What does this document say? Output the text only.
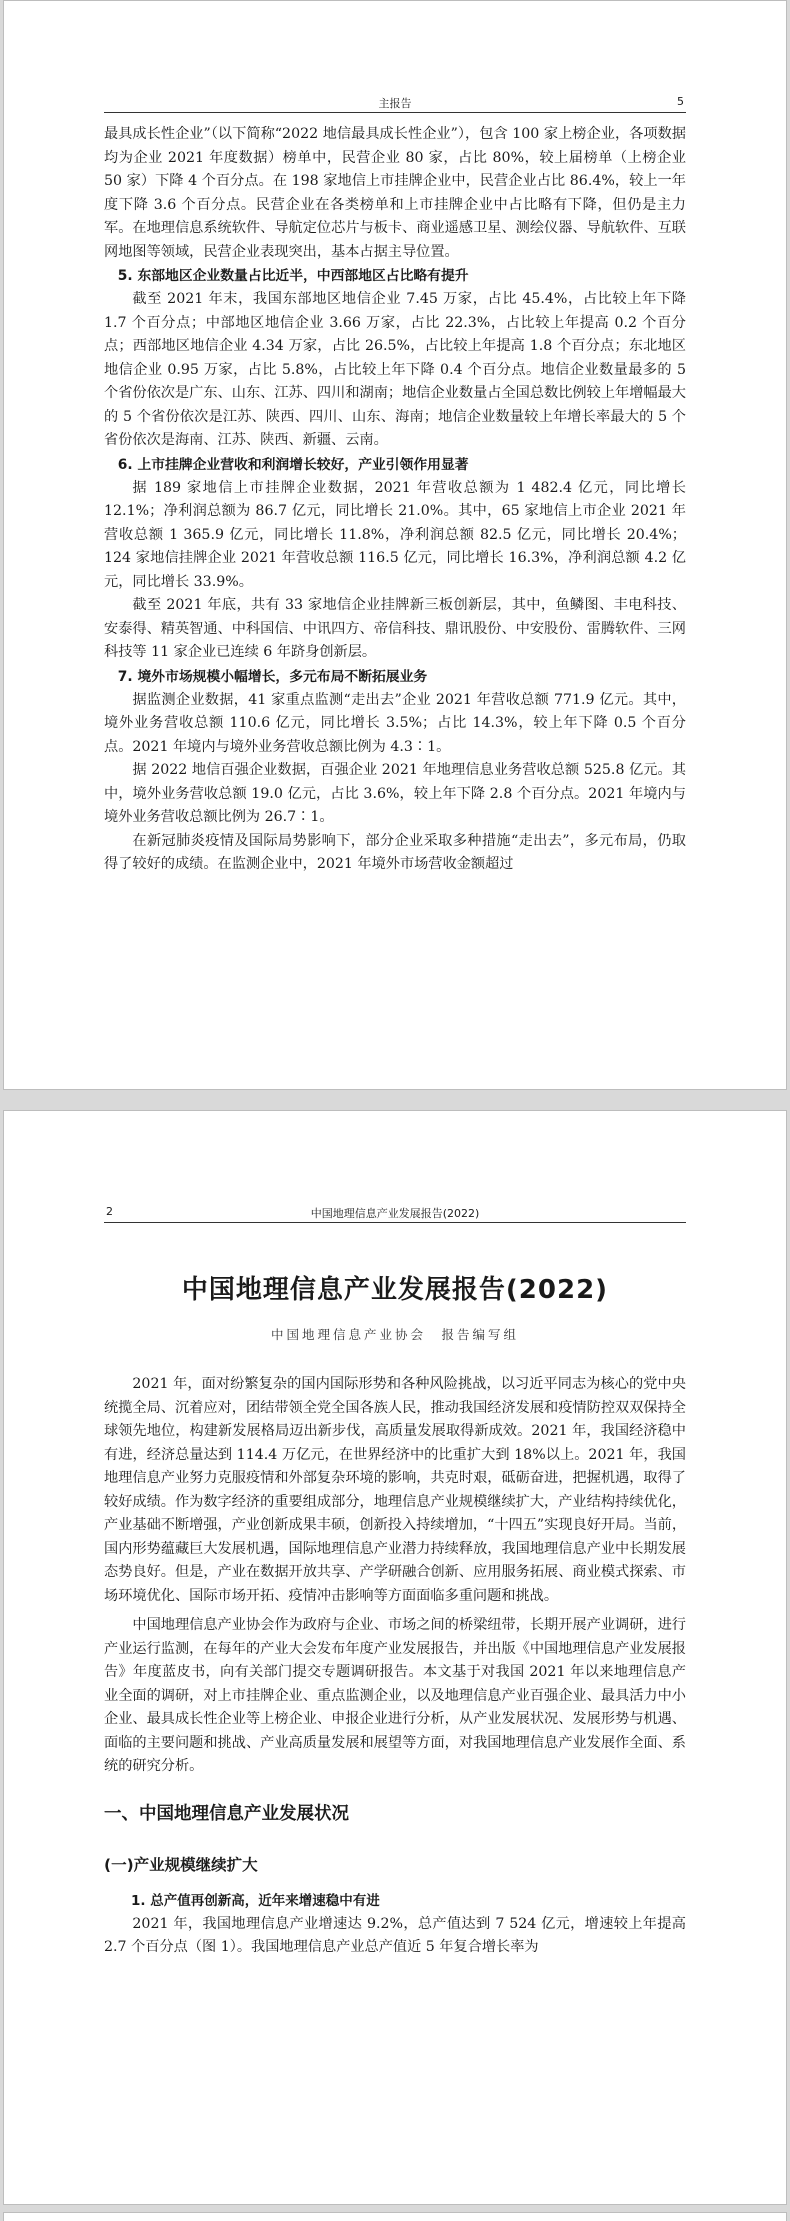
主报告	5

最具成长性企业”（以下简称“2022 地信最具成长性企业”），包含 100 家上榜企业，各项数据均为企业 2021 年度数据）榜单中，民营企业 80 家，占比 80%，较上届榜单（上榜企业 50 家）下降 4 个百分点。在 198 家地信上市挂牌企业中，民营企业占比 86.4%，较上一年度下降 3.6 个百分点。民营企业在各类榜单和上市挂牌企业中占比略有下降，但仍是主力军。在地理信息系统软件、导航定位芯片与板卡、商业遥感卫星、测绘仪器、导航软件、互联网地图等领域，民营企业表现突出，基本占据主导位置。

5. 东部地区企业数量占比近半，中西部地区占比略有提升

截至 2021 年末，我国东部地区地信企业 7.45 万家，占比 45.4%，占比较上年下降 1.7 个百分点；中部地区地信企业 3.66 万家，占比 22.3%，占比较上年提高 0.2 个百分点；西部地区地信企业 4.34 万家，占比 26.5%，占比较上年提高 1.8 个百分点；东北地区地信企业 0.95 万家，占比 5.8%，占比较上年下降 0.4 个百分点。地信企业数量最多的 5 个省份依次是广东、山东、江苏、四川和湖南；地信企业数量占全国总数比例较上年增幅最大的 5 个省份依次是江苏、陕西、四川、山东、海南；地信企业数量较上年增长率最大的 5 个省份依次是海南、江苏、陕西、新疆、云南。

6. 上市挂牌企业营收和利润增长较好，产业引领作用显著

据 189 家地信上市挂牌企业数据，2021 年营收总额为 1 482.4 亿元，同比增长 12.1%；净利润总额为 86.7 亿元，同比增长 21.0%。其中，65 家地信上市企业 2021 年营收总额 1 365.9 亿元，同比增长 11.8%，净利润总额 82.5 亿元，同比增长 20.4%；124 家地信挂牌企业 2021 年营收总额 116.5 亿元，同比增长 16.3%，净利润总额 4.2 亿元，同比增长 33.9%。

截至 2021 年底，共有 33 家地信企业挂牌新三板创新层，其中，鱼鳞图、丰电科技、安泰得、精英智通、中科国信、中讯四方、帝信科技、鼎讯股份、中安股份、雷腾软件、三网科技等 11 家企业已连续 6 年跻身创新层。

7. 境外市场规模小幅增长，多元布局不断拓展业务

据监测企业数据，41 家重点监测“走出去”企业 2021 年营收总额 771.9 亿元。其中，境外业务营收总额 110.6 亿元，同比增长 3.5%；占比 14.3%，较上年下降 0.5 个百分点。2021 年境内与境外业务营收总额比例为 4.3∶1。

据 2022 地信百强企业数据，百强企业 2021 年地理信息业务营收总额 525.8 亿元。其中，境外业务营收总额 19.0 亿元，占比 3.6%，较上年下降 2.8 个百分点。2021 年境内与境外业务营收总额比例为 26.7∶1。

在新冠肺炎疫情及国际局势影响下，部分企业采取多种措施“走出去”，多元布局，仍取得了较好的成绩。在监测企业中，2021 年境外市场营收金额超过

2	中国地理信息产业发展报告(2022)
中国地理信息产业发展报告(2022)
中国地理信息产业协会　报告编写组

2021 年，面对纷繁复杂的国内国际形势和各种风险挑战，以习近平同志为核心的党中央统揽全局、沉着应对，团结带领全党全国各族人民，推动我国经济发展和疫情防控双双保持全球领先地位，构建新发展格局迈出新步伐，高质量发展取得新成效。2021 年，我国经济稳中有进，经济总量达到 114.4 万亿元，在世界经济中的比重扩大到 18%以上。2021 年，我国地理信息产业努力克服疫情和外部复杂环境的影响，共克时艰，砥砺奋进，把握机遇，取得了较好成绩。作为数字经济的重要组成部分，地理信息产业规模继续扩大，产业结构持续优化，产业基础不断增强，产业创新成果丰硕，创新投入持续增加，“十四五”实现良好开局。当前，国内形势蕴藏巨大发展机遇，国际地理信息产业潜力持续释放，我国地理信息产业中长期发展态势良好。但是，产业在数据开放共享、产学研融合创新、应用服务拓展、商业模式探索、市场环境优化、国际市场开拓、疫情冲击影响等方面面临多重问题和挑战。

中国地理信息产业协会作为政府与企业、市场之间的桥梁纽带，长期开展产业调研，进行产业运行监测，在每年的产业大会发布年度产业发展报告，并出版《中国地理信息产业发展报告》年度蓝皮书，向有关部门提交专题调研报告。本文基于对我国 2021 年以来地理信息产业全面的调研，对上市挂牌企业、重点监测企业，以及地理信息产业百强企业、最具活力中小企业、最具成长性企业等上榜企业、申报企业进行分析，从产业发展状况、发展形势与机遇、面临的主要问题和挑战、产业高质量发展和展望等方面，对我国地理信息产业发展作全面、系统的研究分析。

一、中国地理信息产业发展状况

(一)产业规模继续扩大

1. 总产值再创新高，近年来增速稳中有进

2021 年，我国地理信息产业增速达 9.2%，总产值达到 7 524 亿元，增速较上年提高 2.7 个百分点（图 1）。我国地理信息产业总产值近 5 年复合增长率为
